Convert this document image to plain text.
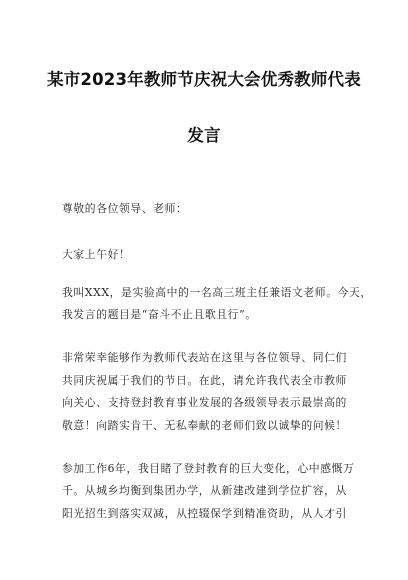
某市2023年教师节庆祝大会优秀教师代表
发言
尊敬的各位领导、老师：
大家上午好！
我叫XXX，是实验高中的一名高三班主任兼语文老师。今天，
我发言的题目是“奋斗不止且歌且行”。
非常荣幸能够作为教师代表站在这里与各位领导、同仁们
共同庆祝属于我们的节日。在此，请允许我代表全市教师
向关心、支持登封教育事业发展的各级领导表示最崇高的
敬意！向踏实肯干、无私奉献的老师们致以诚挚的问候！
参加工作6年，我目睹了登封教育的巨大变化，心中感慨万
千。从城乡均衡到集团办学，从新建改建到学位扩容，从
阳光招生到落实双减，从控辍保学到精准资助，从人才引
